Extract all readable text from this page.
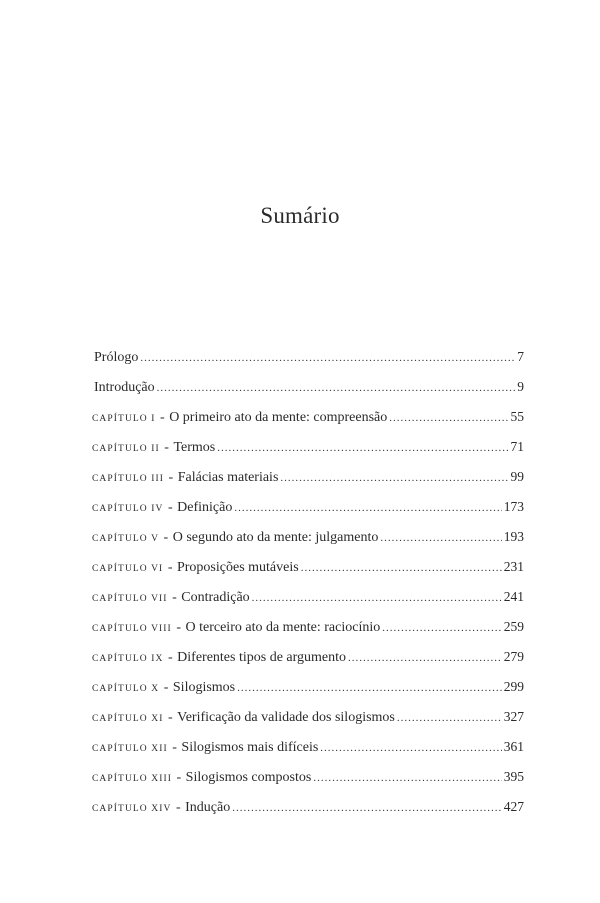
Sumário
Prólogo .....	7
Introdução .....	9
CAPÍTULO I - O primeiro ato da mente: compreensão .....	55
CAPÍTULO II - Termos .....	71
CAPÍTULO III - Falácias materiais .....	99
CAPÍTULO IV - Definição .....	173
CAPÍTULO V - O segundo ato da mente: julgamento .....	193
CAPÍTULO VI - Proposições mutáveis .....	231
CAPÍTULO VII - Contradição .....	241
CAPÍTULO VIII - O terceiro ato da mente: raciocínio .....	259
CAPÍTULO IX - Diferentes tipos de argumento .....	279
CAPÍTULO X - Silogismos .....	299
CAPÍTULO XI - Verificação da validade dos silogismos .....	327
CAPÍTULO XII - Silogismos mais difíceis .....	361
CAPÍTULO XIII - Silogismos compostos .....	395
CAPÍTULO XIV - Indução .....	427
